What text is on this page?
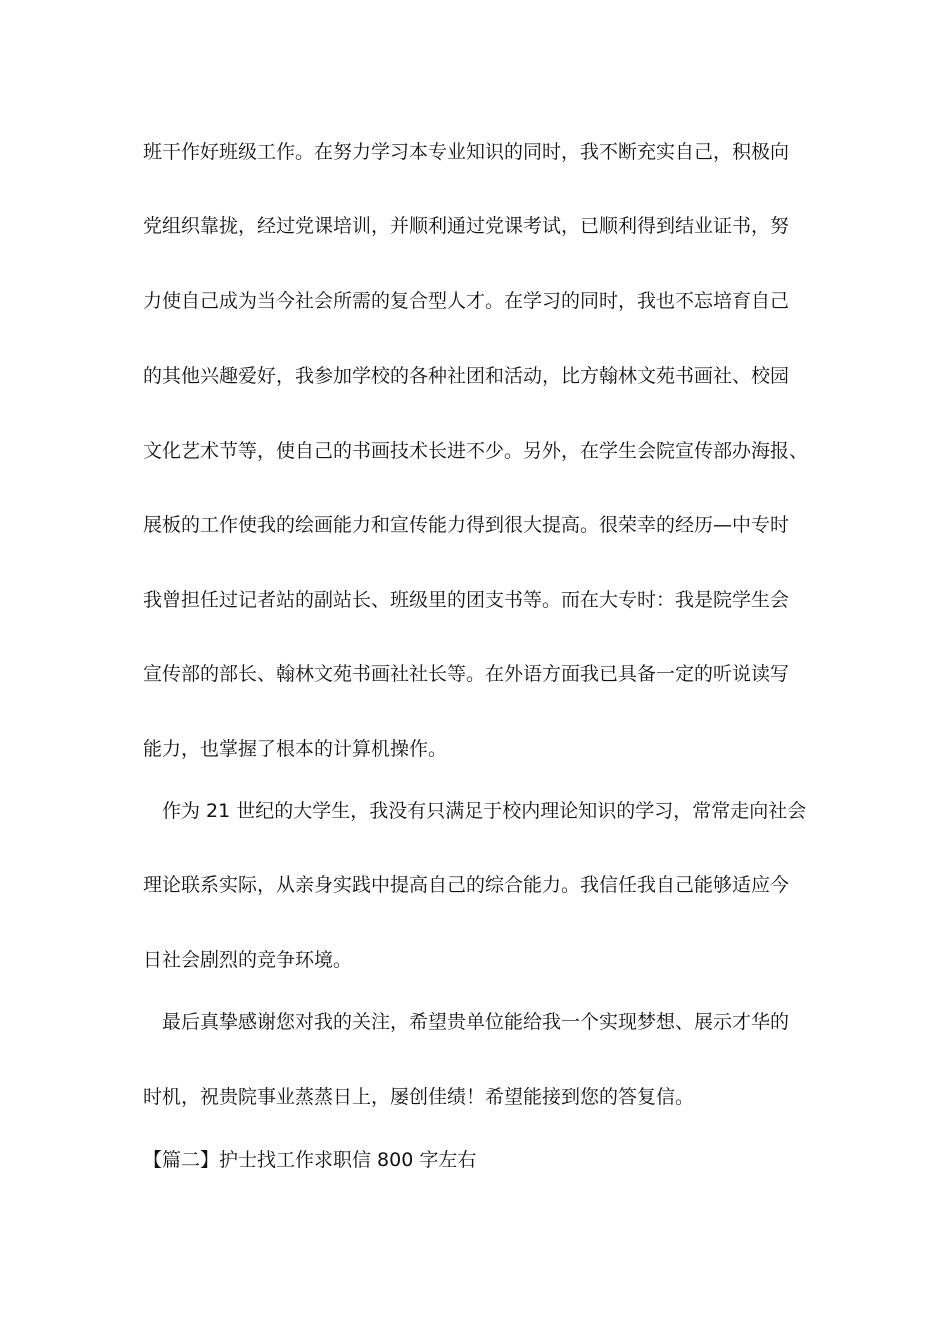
班干作好班级工作。在努力学习本专业知识的同时，我不断充实自己，积极向
党组织靠拢，经过党课培训，并顺利通过党课考试，已顺利得到结业证书，努
力使自己成为当今社会所需的复合型人才。在学习的同时，我也不忘培育自己
的其他兴趣爱好，我参加学校的各种社团和活动，比方翰林文苑书画社、校园
文化艺术节等，使自己的书画技术长进不少。另外，在学生会院宣传部办海报、
展板的工作使我的绘画能力和宣传能力得到很大提高。很荣幸的经历—中专时
我曾担任过记者站的副站长、班级里的团支书等。而在大专时：我是院学生会
宣传部的部长、翰林文苑书画社社长等。在外语方面我已具备一定的听说读写
能力，也掌握了根本的计算机操作。
作为 21 世纪的大学生，我没有只满足于校内理论知识的学习，常常走向社会
理论联系实际，从亲身实践中提高自己的综合能力。我信任我自己能够适应今
日社会剧烈的竞争环境。
最后真挚感谢您对我的关注，希望贵单位能给我一个实现梦想、展示才华的
时机，祝贵院事业蒸蒸日上，屡创佳绩！希望能接到您的答复信。
【篇二】护士找工作求职信 800 字左右
